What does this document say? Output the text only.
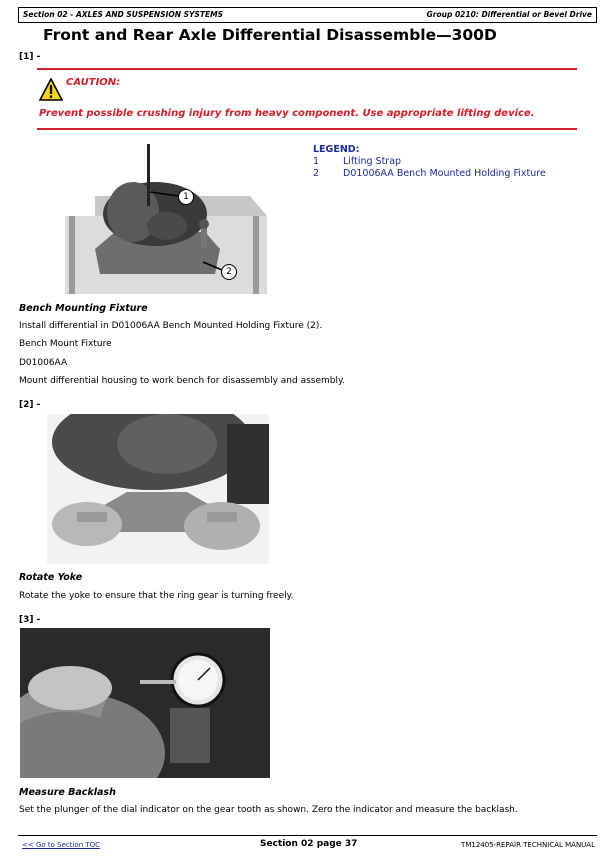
Section 02 - AXLES AND SUSPENSION SYSTEMS	Group 0210: Differential or Bevel Drive
Front and Rear Axle Differential Disassemble—300D
[1] -
CAUTION:
Prevent possible crushing injury from heavy component. Use appropriate lifting device.
1
2
LEGEND:
1	Lifting Strap
2	D01006AA Bench Mounted Holding Fixture
Bench Mounting Fixture
Install differential in D01006AA Bench Mounted Holding Fixture (2).
Bench Mount Fixture
D01006AA
Mount differential housing to work bench for disassembly and assembly.
[2] -
Rotate Yoke
Rotate the yoke to ensure that the ring gear is turning freely.
[3] -
Measure Backlash
Set the plunger of the dial indicator on the gear tooth as shown. Zero the indicator and measure the backlash.
<< Go to Section TOC	Section 02 page 37	TM12405-REPAIR TECHNICAL MANUAL
